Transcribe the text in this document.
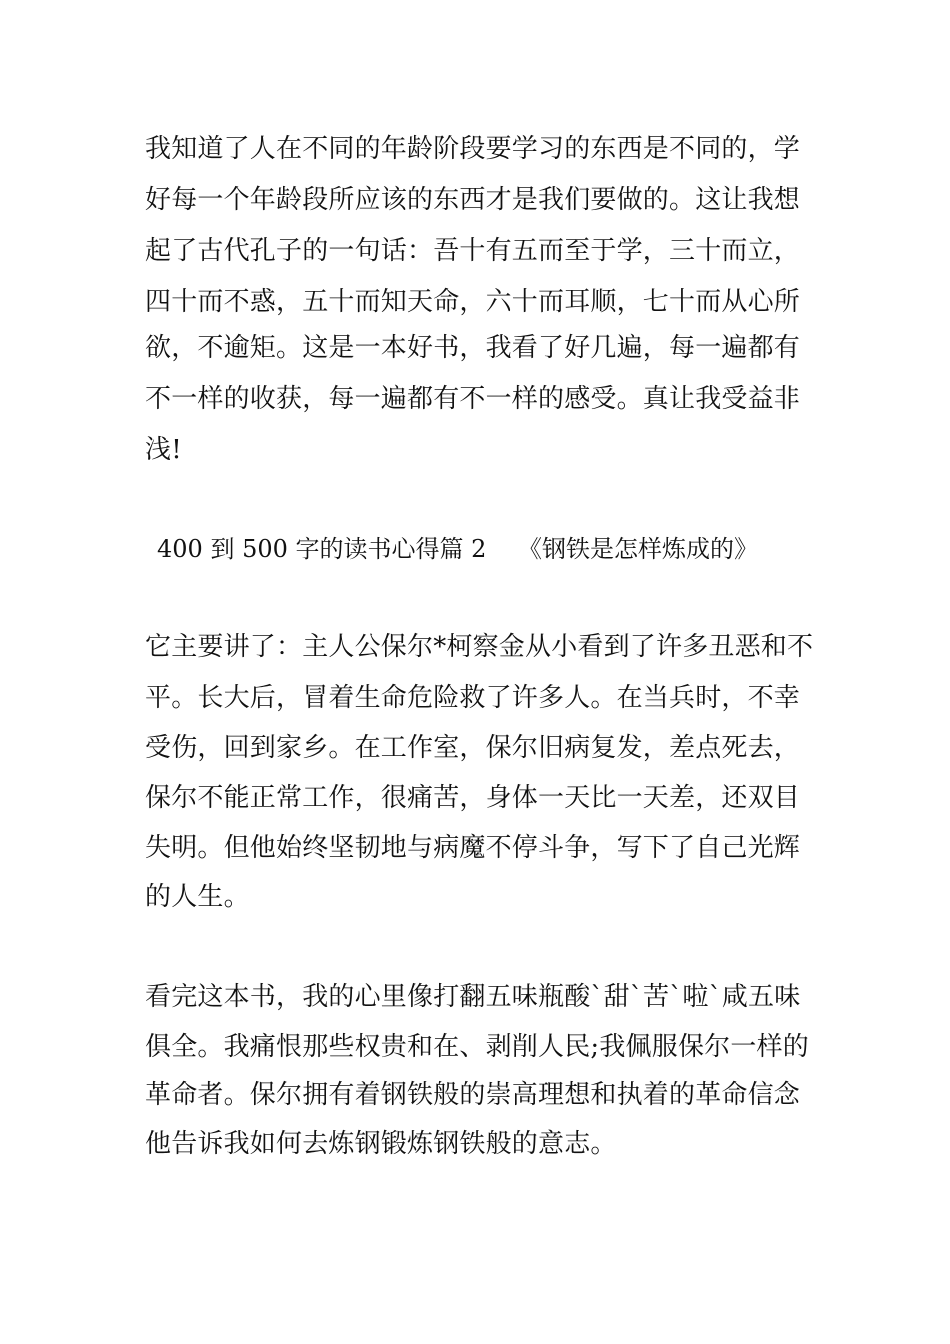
我知道了人在不同的年龄阶段要学习的东西是不同的，学

好每一个年龄段所应该的东西才是我们要做的。这让我想

起了古代孔子的一句话：吾十有五而至于学，三十而立，

四十而不惑，五十而知天命，六十而耳顺，七十而从心所

欲，不逾矩。这是一本好书，我看了好几遍，每一遍都有

不一样的收获，每一遍都有不一样的感受。真让我受益非

浅!

400 到 500 字的读书心得篇 2　 《钢铁是怎样炼成的》

它主要讲了：主人公保尔*柯察金从小看到了许多丑恶和不

平。长大后，冒着生命危险救了许多人。在当兵时，不幸

受伤，回到家乡。在工作室，保尔旧病复发，差点死去，

保尔不能正常工作，很痛苦，身体一天比一天差，还双目

失明。但他始终坚韧地与病魔不停斗争，写下了自己光辉

的人生。

看完这本书，我的心里像打翻五味瓶酸`甜`苦`啦`咸五味

俱全。我痛恨那些权贵和在、剥削人民;我佩服保尔一样的

革命者。保尔拥有着钢铁般的崇高理想和执着的革命信念

他告诉我如何去炼钢锻炼钢铁般的意志。
